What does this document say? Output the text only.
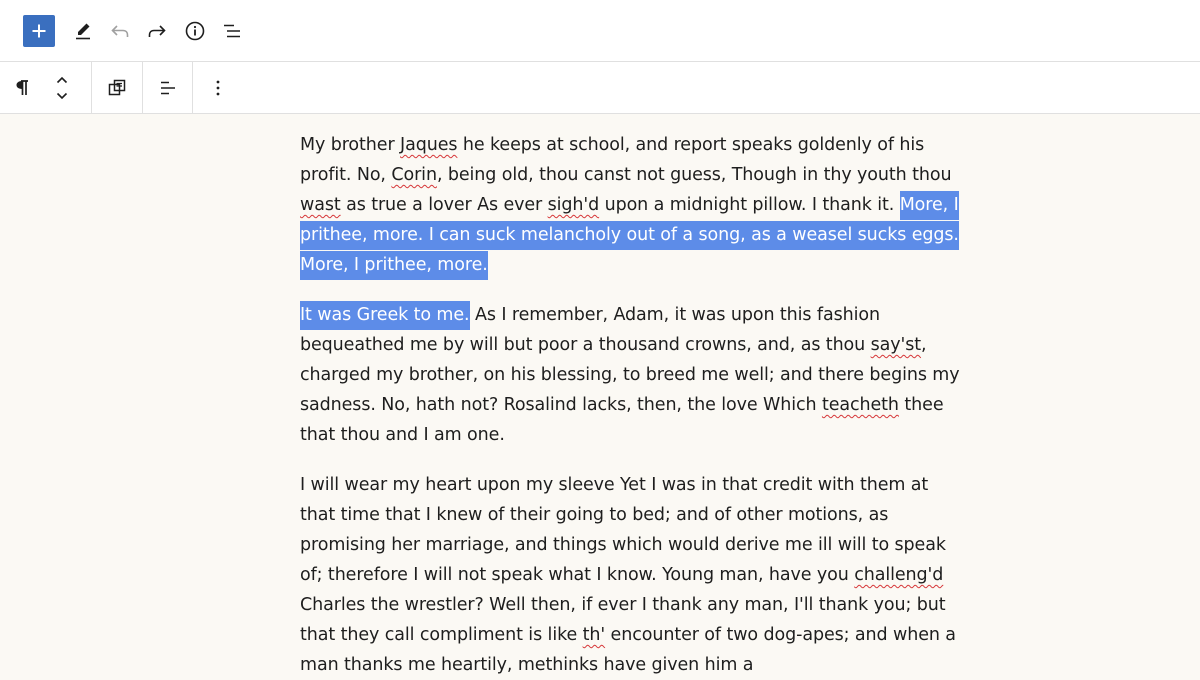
My brother Jaques he keeps at school, and report speaks goldenly of his profit. No, Corin, being old, thou canst not guess, Though in thy youth thou wast as true a lover As ever sigh'd upon a midnight pillow. I thank it. More, I prithee, more. I can suck melancholy out of a song, as a weasel sucks eggs. More, I prithee, more.

It was Greek to me. As I remember, Adam, it was upon this fashion bequeathed me by will but poor a thousand crowns, and, as thou say'st, charged my brother, on his blessing, to breed me well; and there begins my sadness. No, hath not? Rosalind lacks, then, the love Which teacheth thee that thou and I am one.

I will wear my heart upon my sleeve Yet I was in that credit with them at that time that I knew of their going to bed; and of other motions, as promising her marriage, and things which would derive me ill will to speak of; therefore I will not speak what I know. Young man, have you challeng'd Charles the wrestler? Well then, if ever I thank any man, I'll thank you; but that they call compliment is like th' encounter of two dog-apes; and when a man thanks me heartily, methinks have given him a
